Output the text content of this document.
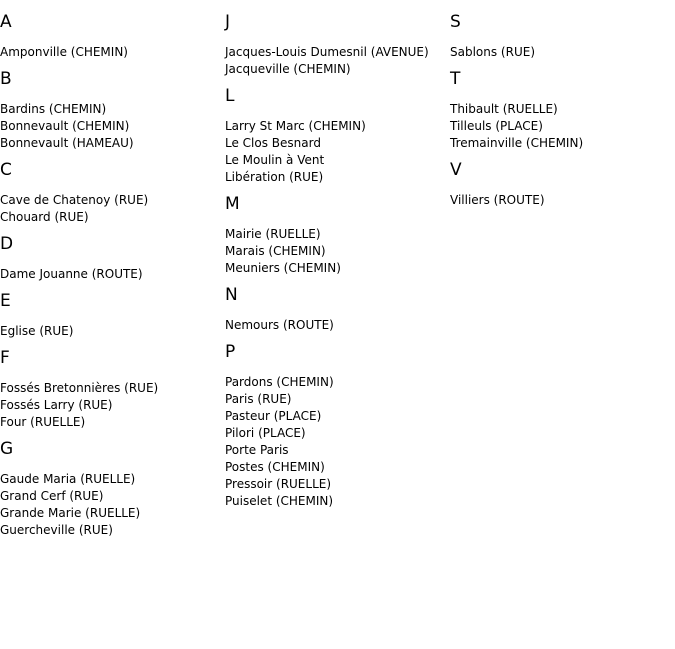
A
Amponville (CHEMIN)
B
Bardins (CHEMIN)
Bonnevault (CHEMIN)
Bonnevault (HAMEAU)
C
Cave de Chatenoy (RUE)
Chouard (RUE)
D
Dame Jouanne (ROUTE)
E
Eglise (RUE)
F
Fossés Bretonnières (RUE)
Fossés Larry (RUE)
Four (RUELLE)
G
Gaude Maria (RUELLE)
Grand Cerf (RUE)
Grande Marie (RUELLE)
Guercheville (RUE)
J
Jacques-Louis Dumesnil (AVENUE)
Jacqueville (CHEMIN)
L
Larry St Marc (CHEMIN)
Le Clos Besnard
Le Moulin à Vent
Libération (RUE)
M
Mairie (RUELLE)
Marais (CHEMIN)
Meuniers (CHEMIN)
N
Nemours (ROUTE)
P
Pardons (CHEMIN)
Paris (RUE)
Pasteur (PLACE)
Pilori (PLACE)
Porte Paris
Postes (CHEMIN)
Pressoir (RUELLE)
Puiselet (CHEMIN)
S
Sablons (RUE)
T
Thibault (RUELLE)
Tilleuls (PLACE)
Tremainville (CHEMIN)
V
Villiers (ROUTE)
